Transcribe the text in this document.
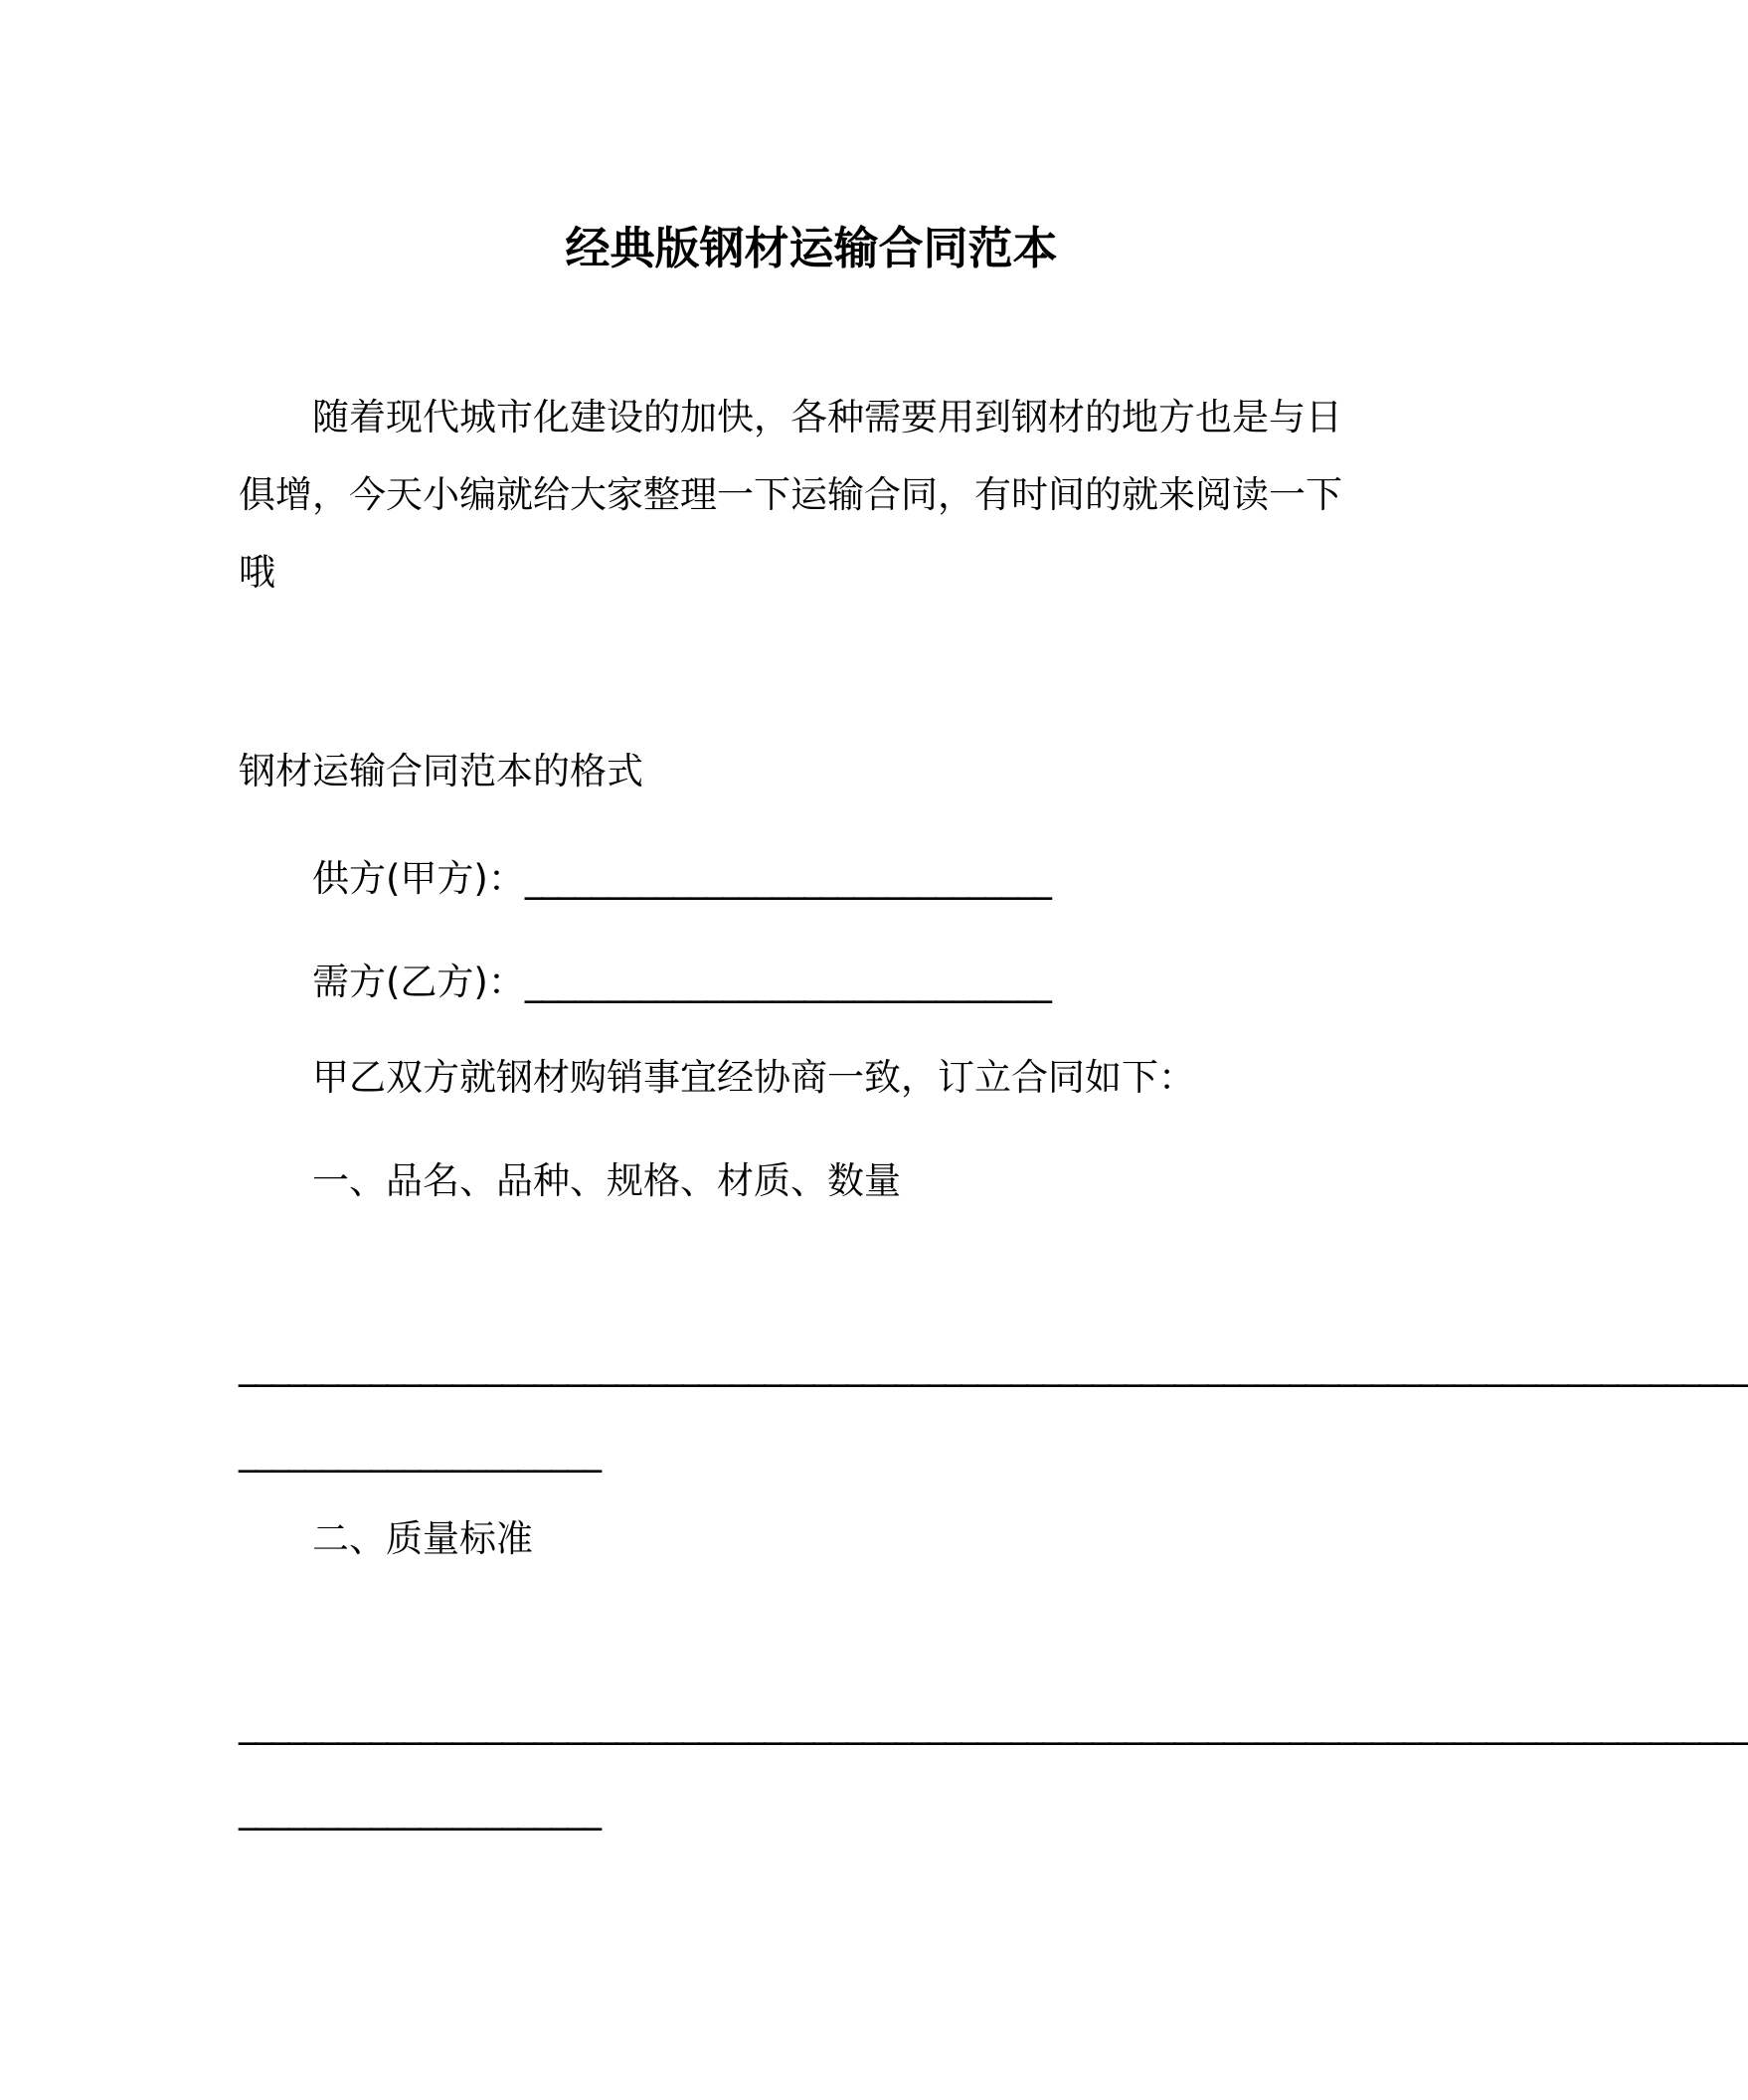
经典版钢材运输合同范本
随着现代城市化建设的加快，各种需要用到钢材的地方也是与日
俱增，今天小编就给大家整理一下运输合同，有时间的就来阅读一下
哦
钢材运输合同范本的格式
供方(甲方)：________________________________
需方(乙方)：________________________________
甲乙双方就钢材购销事宜经协商一致，订立合同如下：
一、品名、品种、规格、材质、数量
____________________________________________________________________________________________
______________________
二、质量标准
____________________________________________________________________________________________
______________________
